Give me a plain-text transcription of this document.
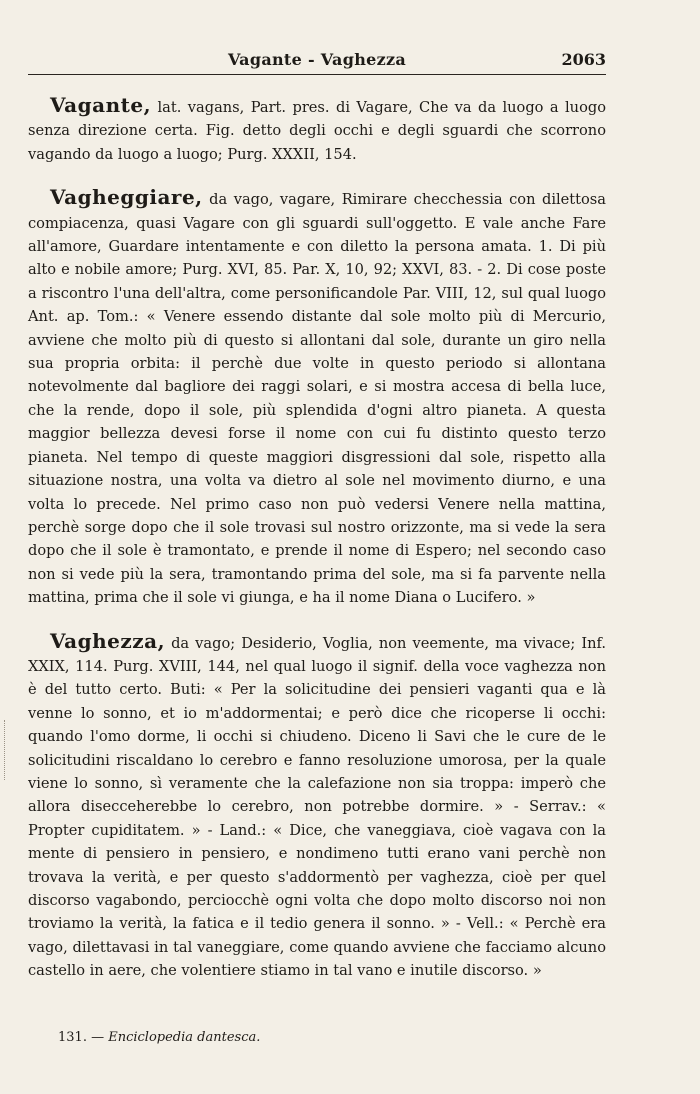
Vagante - Vaghezza	2063

Vagante, lat. vagans, Part. pres. di Vagare, Che va da luogo a luogo senza direzione certa. Fig. detto degli occhi e degli sguardi che scorrono vagando da luogo a luogo; Purg. XXXII, 154.

Vagheggiare, da vago, vagare, Rimirare checchessia con dilettosa compiacenza, quasi Vagare con gli sguardi sull'oggetto. E vale anche Fare all'amore, Guardare intentamente e con diletto la persona amata. 1. Di più alto e nobile amore; Purg. XVI, 85. Par. X, 10, 92; XXVI, 83. - 2. Di cose poste a riscontro l'una dell'altra, come personificandole Par. VIII, 12, sul qual luogo Ant. ap. Tom.: « Venere essendo distante dal sole molto più di Mercurio, avviene che molto più di questo si allontani dal sole, durante un giro nella sua propria orbita: il perchè due volte in questo periodo si allontana notevolmente dal bagliore dei raggi solari, e si mostra accesa di bella luce, che la rende, dopo il sole, più splendida d'ogni altro pianeta. A questa maggior bellezza devesi forse il nome con cui fu distinto questo terzo pianeta. Nel tempo di queste maggiori disgressioni dal sole, rispetto alla situazione nostra, una volta va dietro al sole nel movimento diurno, e una volta lo precede. Nel primo caso non può vedersi Venere nella mattina, perchè sorge dopo che il sole trovasi sul nostro orizzonte, ma si vede la sera dopo che il sole è tramontato, e prende il nome di Espero; nel secondo caso non si vede più la sera, tramontando prima del sole, ma si fa parvente nella mattina, prima che il sole vi giunga, e ha il nome Diana o Lucifero. »

Vaghezza, da vago; Desiderio, Voglia, non veemente, ma vivace; Inf. XXIX, 114. Purg. XVIII, 144, nel qual luogo il signif. della voce vaghezza non è del tutto certo. Buti: « Per la solicitudine dei pensieri vaganti qua e là venne lo sonno, et io m'addormentai; e però dice che ricoperse li occhi: quando l'omo dorme, li occhi si chiudeno. Diceno li Savi che le cure de le solicitudini riscaldano lo cerebro e fanno resoluzione umorosa, per la quale viene lo sonno, sì veramente che la calefazione non sia troppa: imperò che allora disecceherebbe lo cerebro, non potrebbe dormire. » - Serrav.: « Propter cupiditatem. » - Land.: « Dice, che vaneggiava, cioè vagava con la mente di pensiero in pensiero, e nondimeno tutti erano vani perchè non trovava la verità, e per questo s'addormentò per vaghezza, cioè per quel discorso vagabondo, perciocchè ogni volta che dopo molto discorso noi non troviamo la verità, la fatica e il tedio genera il sonno. » - Vell.: « Perchè era vago, dilettavasi in tal vaneggiare, come quando avviene che facciamo alcuno castello in aere, che volentiere stiamo in tal vano e inutile discorso. »

131. — Enciclopedia dantesca.
